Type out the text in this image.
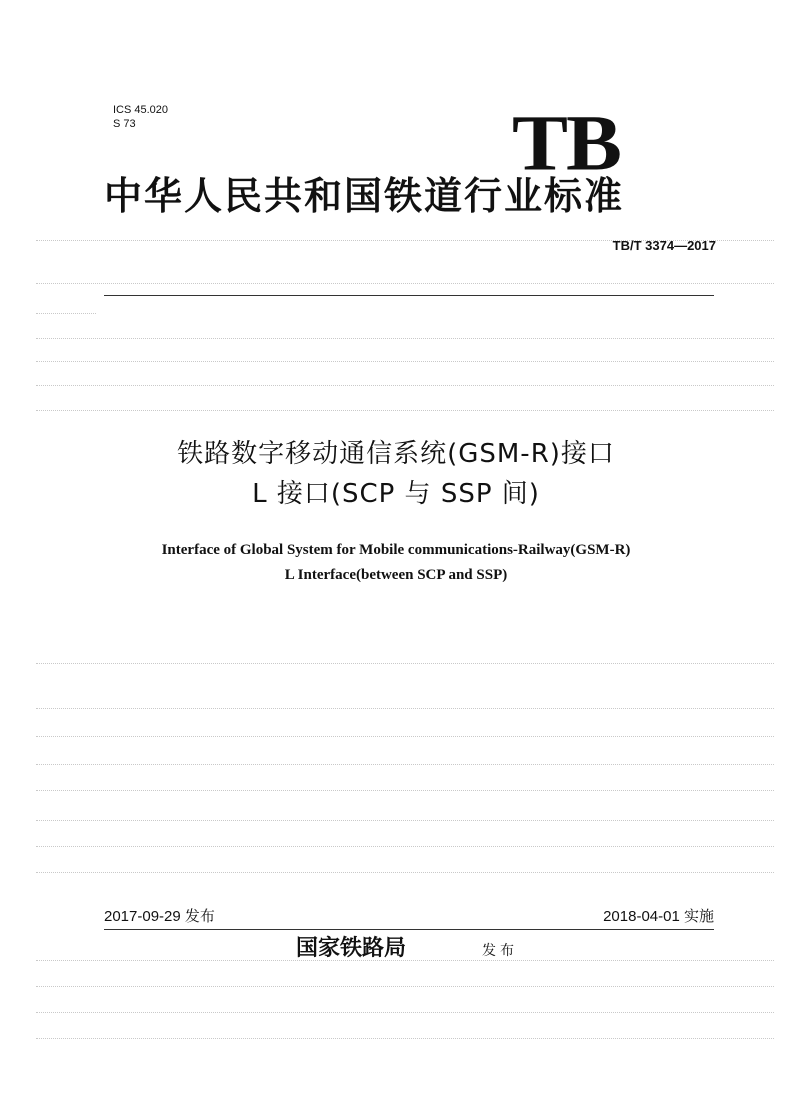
ICS 45.020
S 73	TB
中华人民共和国铁道行业标准
TB/T 3374—2017
铁路数字移动通信系统(GSM-R)接口
L 接口(SCP 与 SSP 间)
Interface of Global System for Mobile communications-Railway(GSM-R)
L Interface(between SCP and SSP)
2017-09-29 发布	2018-04-01 实施
国家铁路局	发布
